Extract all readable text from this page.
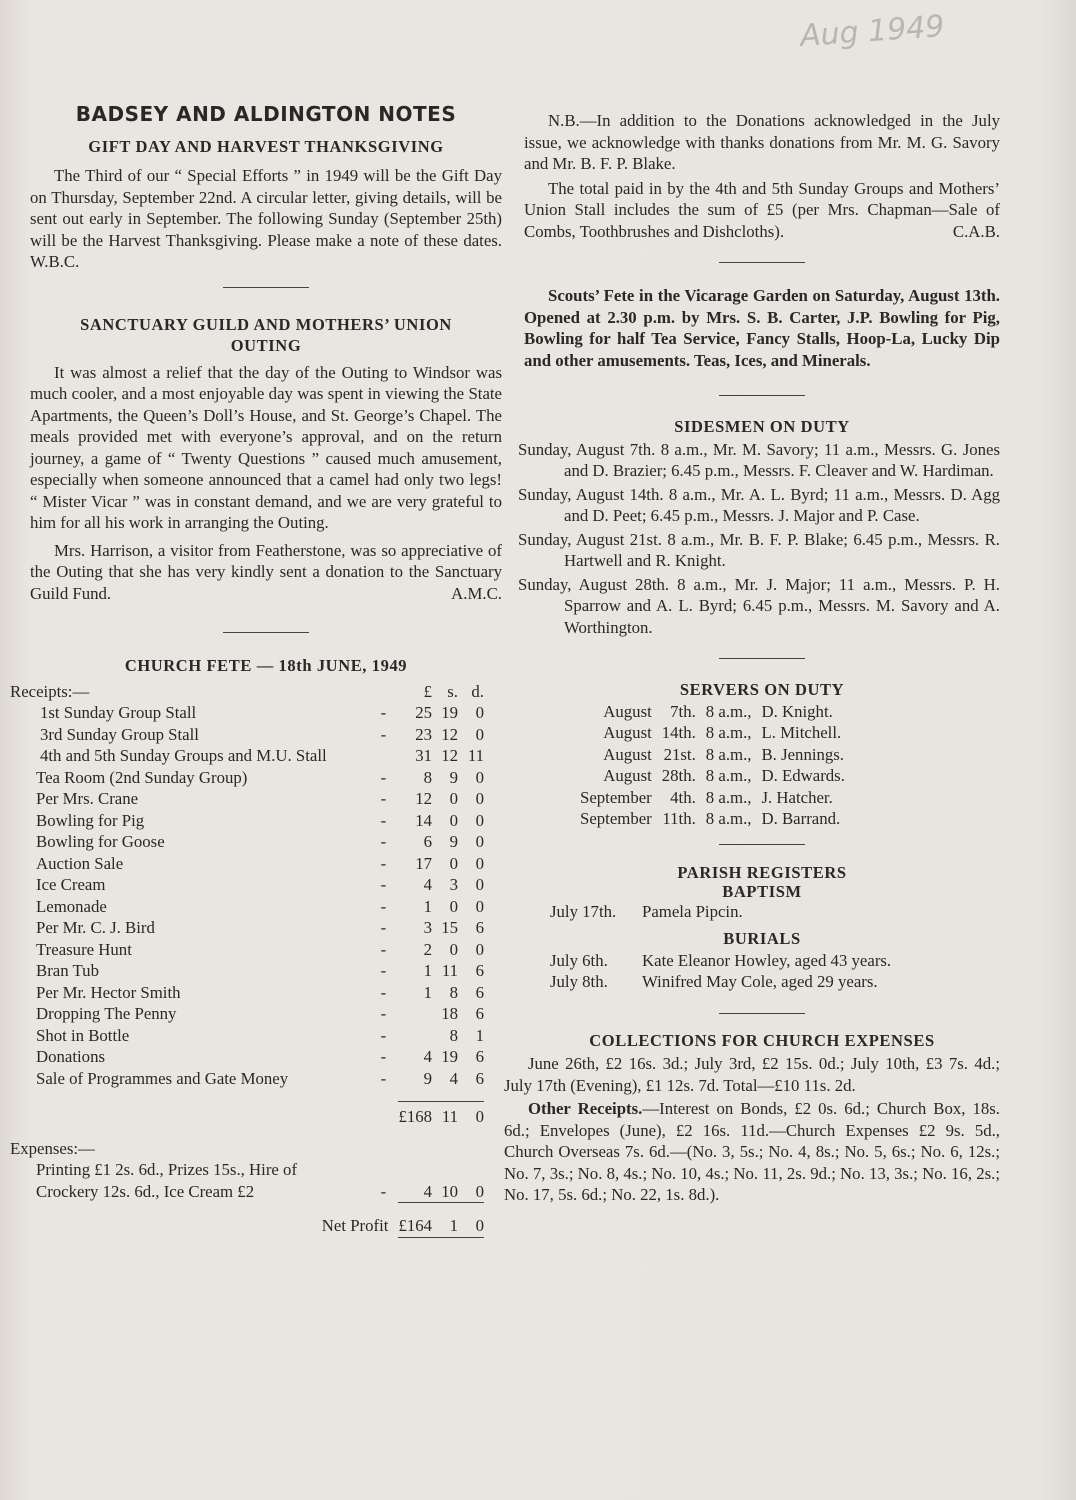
Aug 1949
BADSEY AND ALDINGTON NOTES
GIFT DAY AND HARVEST THANKSGIVING

The Third of our “ Special Efforts ” in 1949 will be the Gift Day on Thursday, September 22nd. A circular letter, giving details, will be sent out early in September. The following Sunday (September 25th) will be the Harvest Thanksgiving. Please make a note of these dates. W.B.C.

SANCTUARY GUILD AND MOTHERS’ UNION OUTING

It was almost a relief that the day of the Outing to Windsor was much cooler, and a most enjoyable day was spent in viewing the State Apartments, the Queen’s Doll’s House, and St. George’s Chapel. The meals provided met with everyone’s approval, and on the return journey, a game of “ Twenty Questions ” caused much amusement, especially when someone announced that a camel had only two legs! “ Mister Vicar ” was in constant demand, and we are very grateful to him for all his work in arranging the Outing.

Mrs. Harrison, a visitor from Featherstone, was so appreciative of the Outing that she has very kindly sent a donation to the Sanctuary Guild Fund.	A.M.C.

CHURCH FETE — 18th JUNE, 1949
Receipts:—		£	s.	d.
1st Sunday Group Stall	-	25	19	0
3rd Sunday Group Stall	-	23	12	0
4th and 5th Sunday Groups and M.U. Stall		31	12	11
Tea Room (2nd Sunday Group)	-	8	9	0
Per Mrs. Crane	-	12	0	0
Bowling for Pig	-	14	0	0
Bowling for Goose	-	6	9	0
Auction Sale	-	17	0	0
Ice Cream	-	4	3	0
Lemonade	-	1	0	0
Per Mr. C. J. Bird	-	3	15	6
Treasure Hunt	-	2	0	0
Bran Tub	-	1	11	6
Per Mr. Hector Smith	-	1	8	6
Dropping The Penny	-		18	6
Shot in Bottle	-		8	1
Donations	-	4	19	6
Sale of Programmes and Gate Money	-	9	4	6

		£168	11	0

Expenses:—				
Printing £1 2s. 6d., Prizes 15s., Hire of				
Crockery 12s. 6d., Ice Cream £2	-	4	10	0
Net Profit		£164	1	0

N.B.—In addition to the Donations acknowledged in the July issue, we acknowledge with thanks donations from Mr. M. G. Savory and Mr. B. F. P. Blake.

The total paid in by the 4th and 5th Sunday Groups and Mothers’ Union Stall includes the sum of £5 (per Mrs. Chapman—Sale of Combs, Toothbrushes and Dishcloths).	C.A.B.

Scouts’ Fete in the Vicarage Garden on Saturday, August 13th. Opened at 2.30 p.m. by Mrs. S. B. Carter, J.P. Bowling for Pig, Bowling for half Tea Service, Fancy Stalls, Hoop-La, Lucky Dip and other amusements. Teas, Ices, and Minerals.

SIDESMEN ON DUTY
Sunday, August 7th. 8 a.m., Mr. M. Savory; 11 a.m., Messrs. G. Jones and D. Brazier; 6.45 p.m., Messrs. F. Cleaver and W. Hardiman.
Sunday, August 14th. 8 a.m., Mr. A. L. Byrd; 11 a.m., Messrs. D. Agg and D. Peet; 6.45 p.m., Messrs. J. Major and P. Case.
Sunday, August 21st. 8 a.m., Mr. B. F. P. Blake; 6.45 p.m., Messrs. R. Hartwell and R. Knight.
Sunday, August 28th. 8 a.m., Mr. J. Major; 11 a.m., Messrs. P. H. Sparrow and A. L. Byrd; 6.45 p.m., Messrs. M. Savory and A. Worthington.
SERVERS ON DUTY
August	7th.	8 a.m.,	D. Knight.
August	14th.	8 a.m.,	L. Mitchell.
August	21st.	8 a.m.,	B. Jennings.
August	28th.	8 a.m.,	D. Edwards.
September	4th.	8 a.m.,	J. Hatcher.
September	11th.	8 a.m.,	D. Barrand.
PARISH REGISTERS
BAPTISM
July 17th. Pamela Pipcin.
BURIALS
July 6th. Kate Eleanor Howley, aged 43 years.
July 8th. Winifred May Cole, aged 29 years.
COLLECTIONS FOR CHURCH EXPENSES

June 26th, £2 16s. 3d.; July 3rd, £2 15s. 0d.; July 10th, £3 7s. 4d.; July 17th (Evening), £1 12s. 7d. Total—£10 11s. 2d.

Other Receipts.—Interest on Bonds, £2 0s. 6d.; Church Box, 18s. 6d.; Envelopes (June), £2 16s. 11d.—Church Expenses £2 9s. 5d., Church Overseas 7s. 6d.—(No. 3, 5s.; No. 4, 8s.; No. 5, 6s.; No. 6, 12s.; No. 7, 3s.; No. 8, 4s.; No. 10, 4s.; No. 11, 2s. 9d.; No. 13, 3s.; No. 16, 2s.; No. 17, 5s. 6d.; No. 22, 1s. 8d.).
